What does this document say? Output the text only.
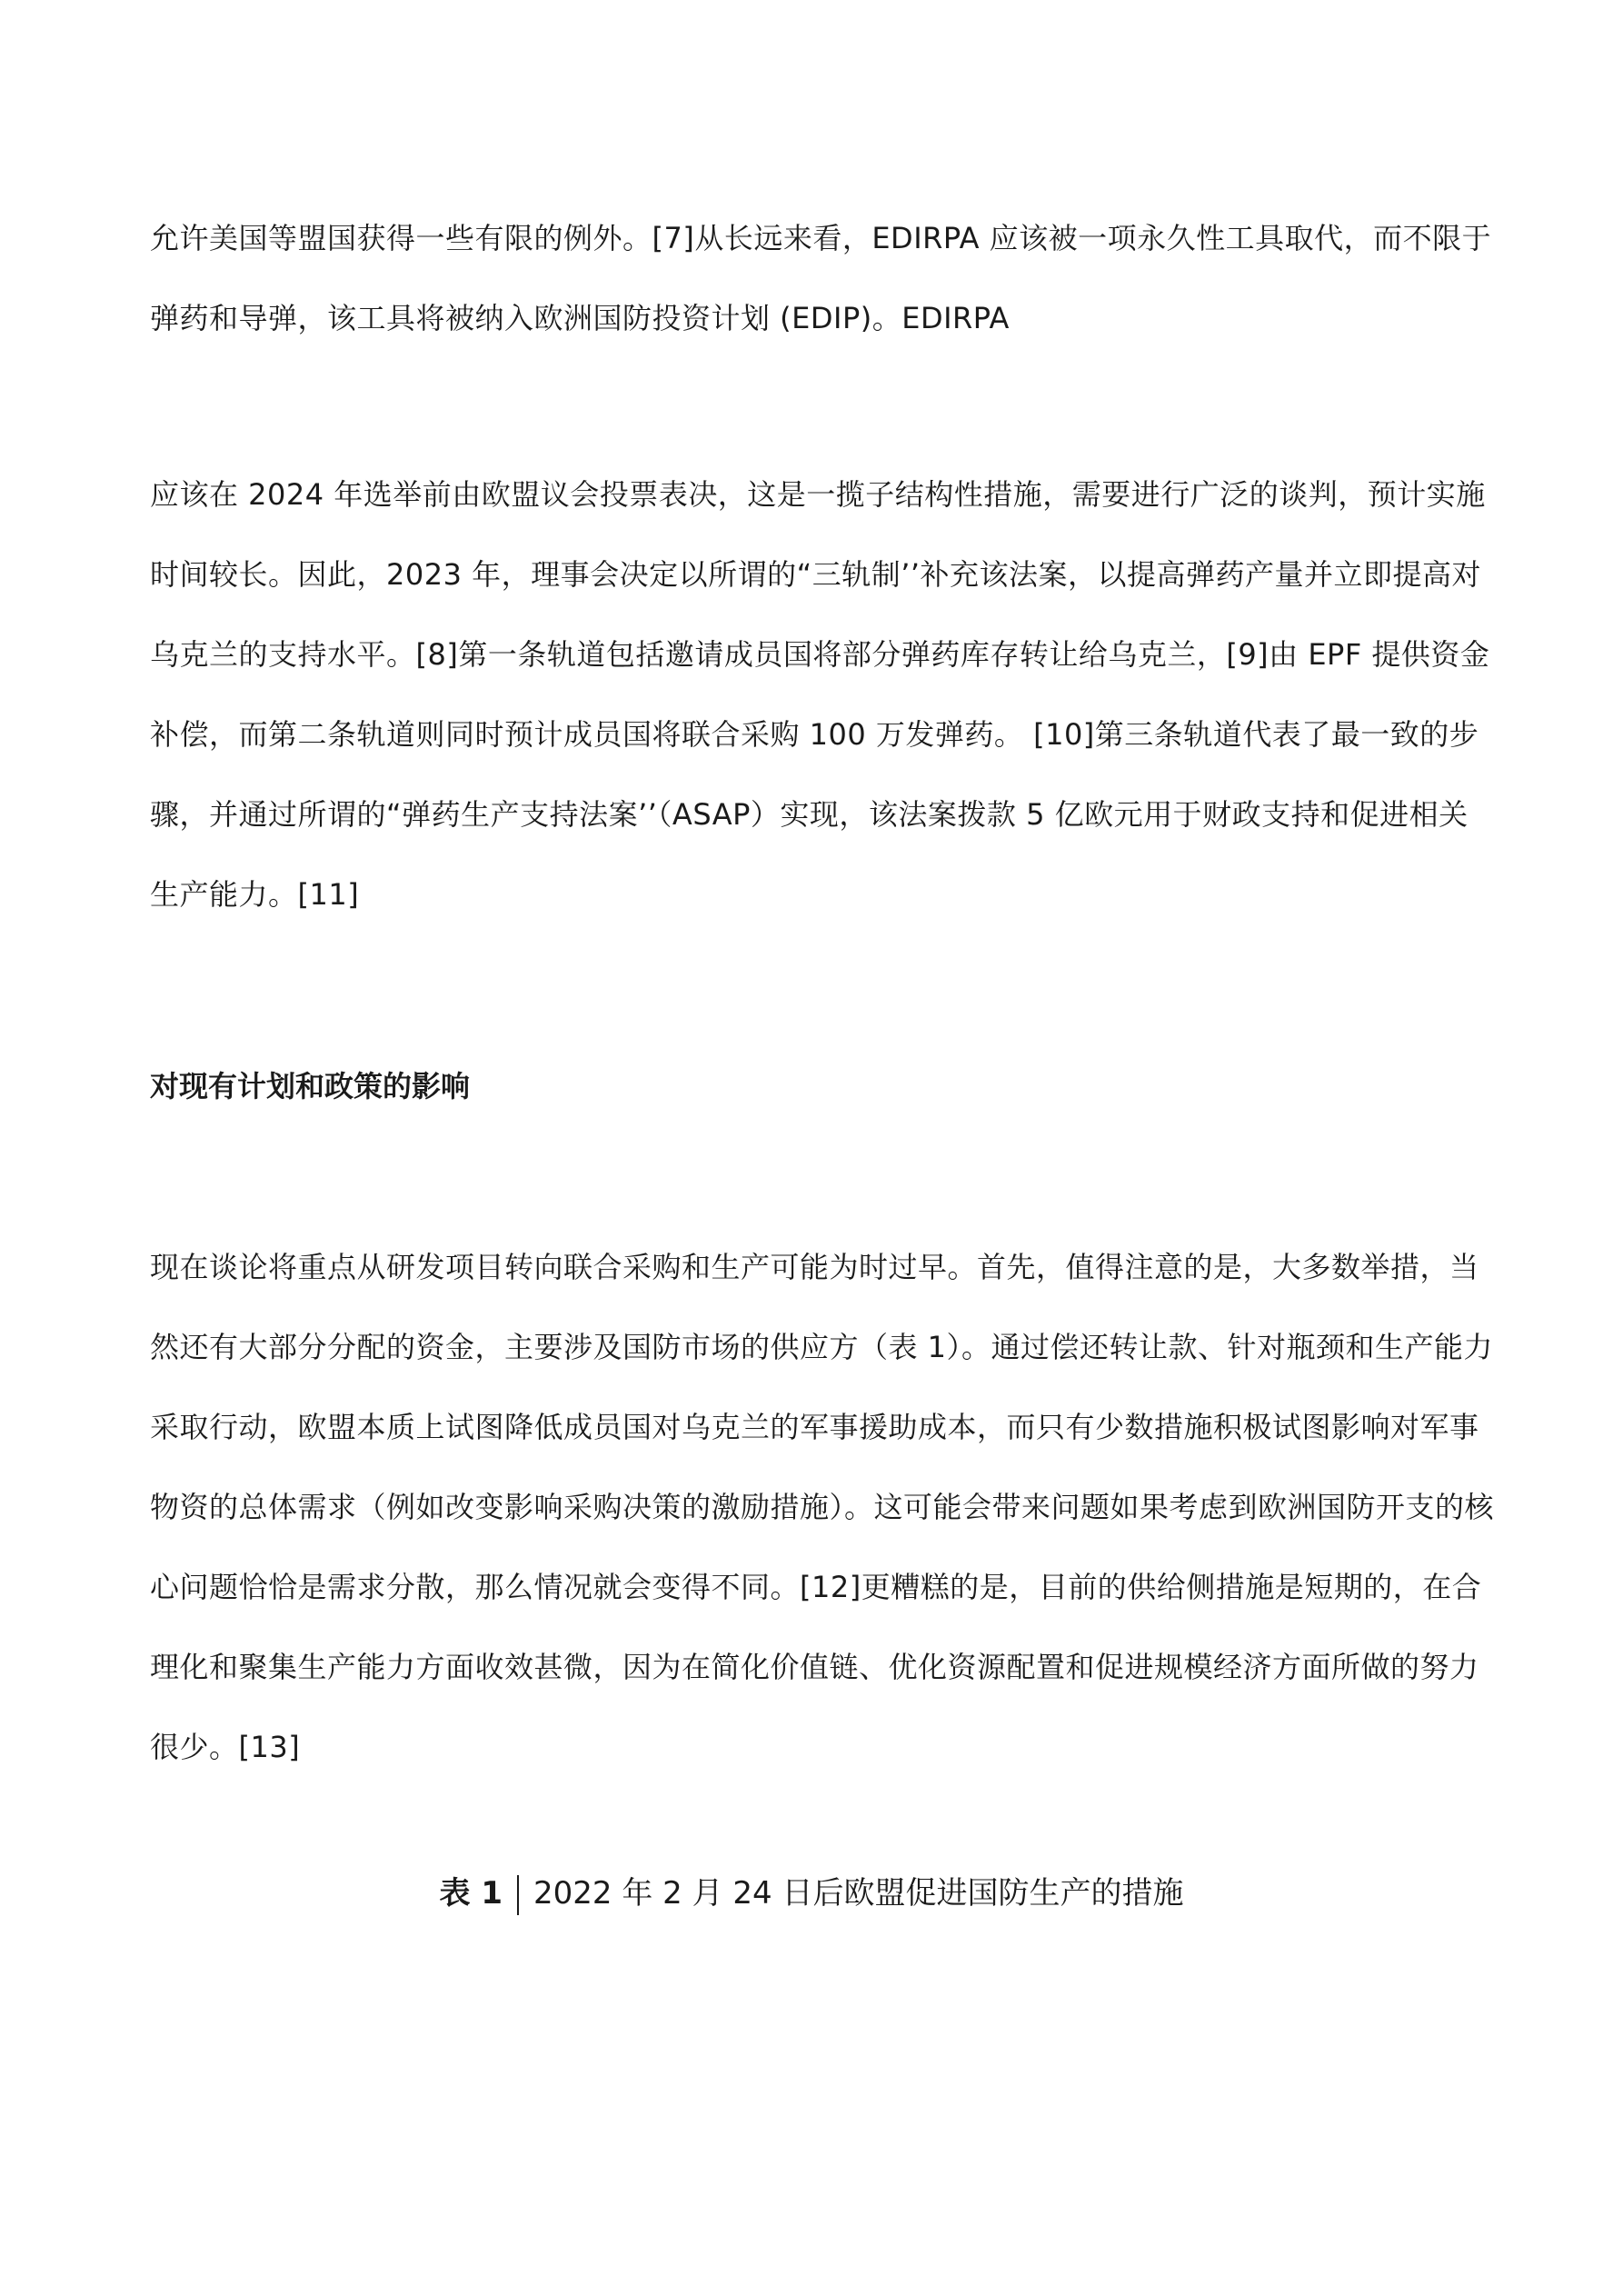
允许美国等盟国获得一些有限的例外。[7]从长远来看，EDIRPA 应该被一项永久性工具取代，而不限于弹药和导弹，该工具将被纳入欧洲国防投资计划 (EDIP)。EDIRPA

应该在 2024 年选举前由欧盟议会投票表决，这是一揽子结构性措施，需要进行广泛的谈判，预计实施时间较长。因此，2023 年，理事会决定以所谓的“三轨制’’补充该法案，以提高弹药产量并立即提高对乌克兰的支持水平。[8]第一条轨道包括邀请成员国将部分弹药库存转让给乌克兰，[9]由 EPF 提供资金补偿，而第二条轨道则同时预计成员国将联合采购 100 万发弹药。 [10]第三条轨道代表了最一致的步骤，并通过所谓的“弹药生产支持法案’’（ASAP）实现，该法案拨款 5 亿欧元用于财政支持和促进相关生产能力。[11]

对现有计划和政策的影响

现在谈论将重点从研发项目转向联合采购和生产可能为时过早。首先，值得注意的是，大多数举措，当然还有大部分分配的资金，主要涉及国防市场的供应方（表 1）。通过偿还转让款、针对瓶颈和生产能力采取行动，欧盟本质上试图降低成员国对乌克兰的军事援助成本，而只有少数措施积极试图影响对军事物资的总体需求（例如改变影响采购决策的激励措施）。这可能会带来问题如果考虑到欧洲国防开支的核心问题恰恰是需求分散，那么情况就会变得不同。[12]更糟糕的是，目前的供给侧措施是短期的，在合理化和聚集生产能力方面收效甚微，因为在简化价值链、优化资源配置和促进规模经济方面所做的努力很少。[13]

表 1 2022 年 2 月 24 日后欧盟促进国防生产的措施
